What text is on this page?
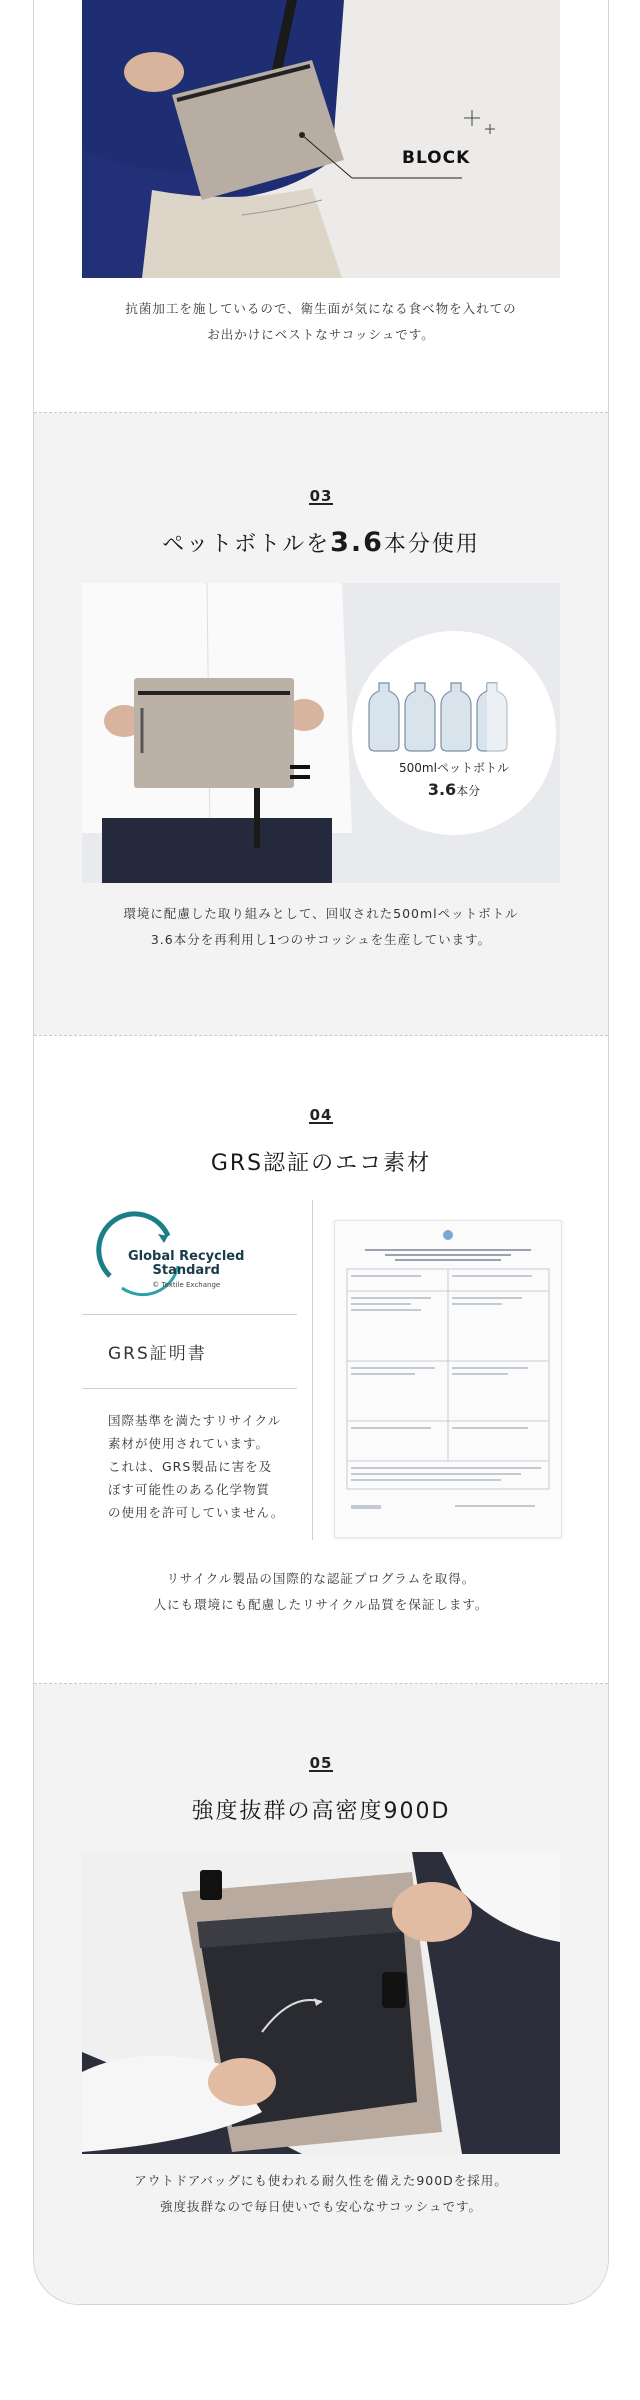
BLOCK
抗菌加工を施しているので、衛生面が気になる食べ物を入れての
お出かけにベストなサコッシュです。
03
ペットボトルを3.6本分使用
500mlペットボトル
3.6本分
環境に配慮した取り組みとして、回収された500mlペットボトル
3.6本分を再利用し1つのサコッシュを生産しています。
04
GRS認証のエコ素材
Global Recycled
Standard
© Textile Exchange
GRS証明書
国際基準を満たすリサイクル
素材が使用されています。
これは、GRS製品に害を及
ぼす可能性のある化学物質
の使用を許可していません。
リサイクル製品の国際的な認証プログラムを取得。
人にも環境にも配慮したリサイクル品質を保証します。
05
強度抜群の高密度900D
アウトドアバッグにも使われる耐久性を備えた900Dを採用。
強度抜群なので毎日使いでも安心なサコッシュです。
